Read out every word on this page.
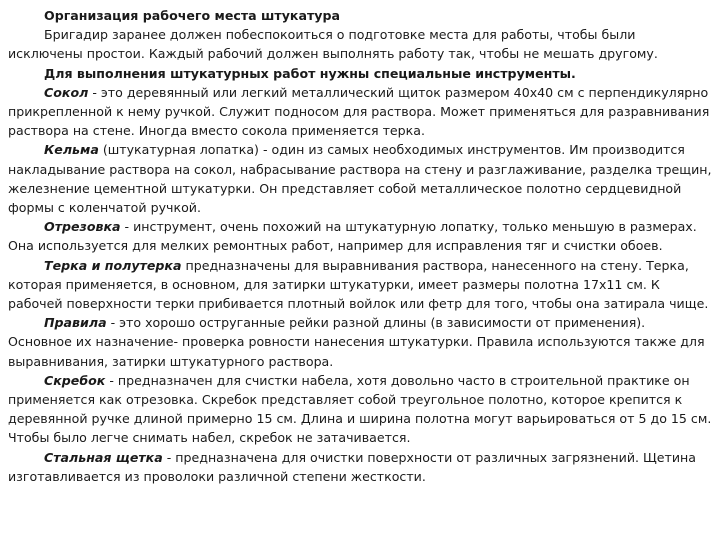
Организация рабочего места штукатура
Бригадир заранее должен побеспокоиться о подготовке места для работы, чтобы были исключены простои. Каждый рабочий должен выполнять работу так, чтобы не мешать другому.
Для выполнения штукатурных работ нужны специальные инструменты.
Сокол - это деревянный или легкий металлический щиток размером 40х40 см с перпендикулярно прикрепленной к нему ручкой. Служит подносом для раствора. Может применяться для разравнивания раствора на стене. Иногда вместо сокола применяется терка.
Кельма (штукатурная лопатка) - один из самых необходимых инструментов. Им производится накладывание раствора на сокол, набрасывание раствора на стену и разглаживание, разделка трещин, железнение цементной штукатурки. Он представляет собой металлическое полотно сердцевидной формы с коленчатой ручкой.
Отрезовка - инструмент, очень похожий на штукатурную лопатку, только меньшую в размерах. Она используется для мелких ремонтных работ, например для исправления тяг и счистки обоев.
Терка и полутерка предназначены для выравнивания раствора, нанесенного на стену. Терка, которая применяется, в основном, для затирки штукатурки, имеет размеры полотна 17х11 см. К рабочей поверхности терки прибивается плотный войлок или фетр для того, чтобы она затирала чище.
Правила - это хорошо оструганные рейки разной длины (в зависимости от применения). Основное их назначение- проверка ровности нанесения штукатурки. Правила используются также для выравнивания, затирки штукатурного раствора.
Скребок - предназначен для счистки набела, хотя довольно часто в строительной практике он применяется как отрезовка. Скребок представляет собой треугольное полотно, которое крепится к деревянной ручке длиной примерно 15 см. Длина и ширина полотна могут варьироваться от 5 до 15 см. Чтобы было легче снимать набел, скребок не затачивается.
Стальная щетка - предназначена для очистки поверхности от различных загрязнений. Щетина изготавливается из проволоки различной степени жесткости.
